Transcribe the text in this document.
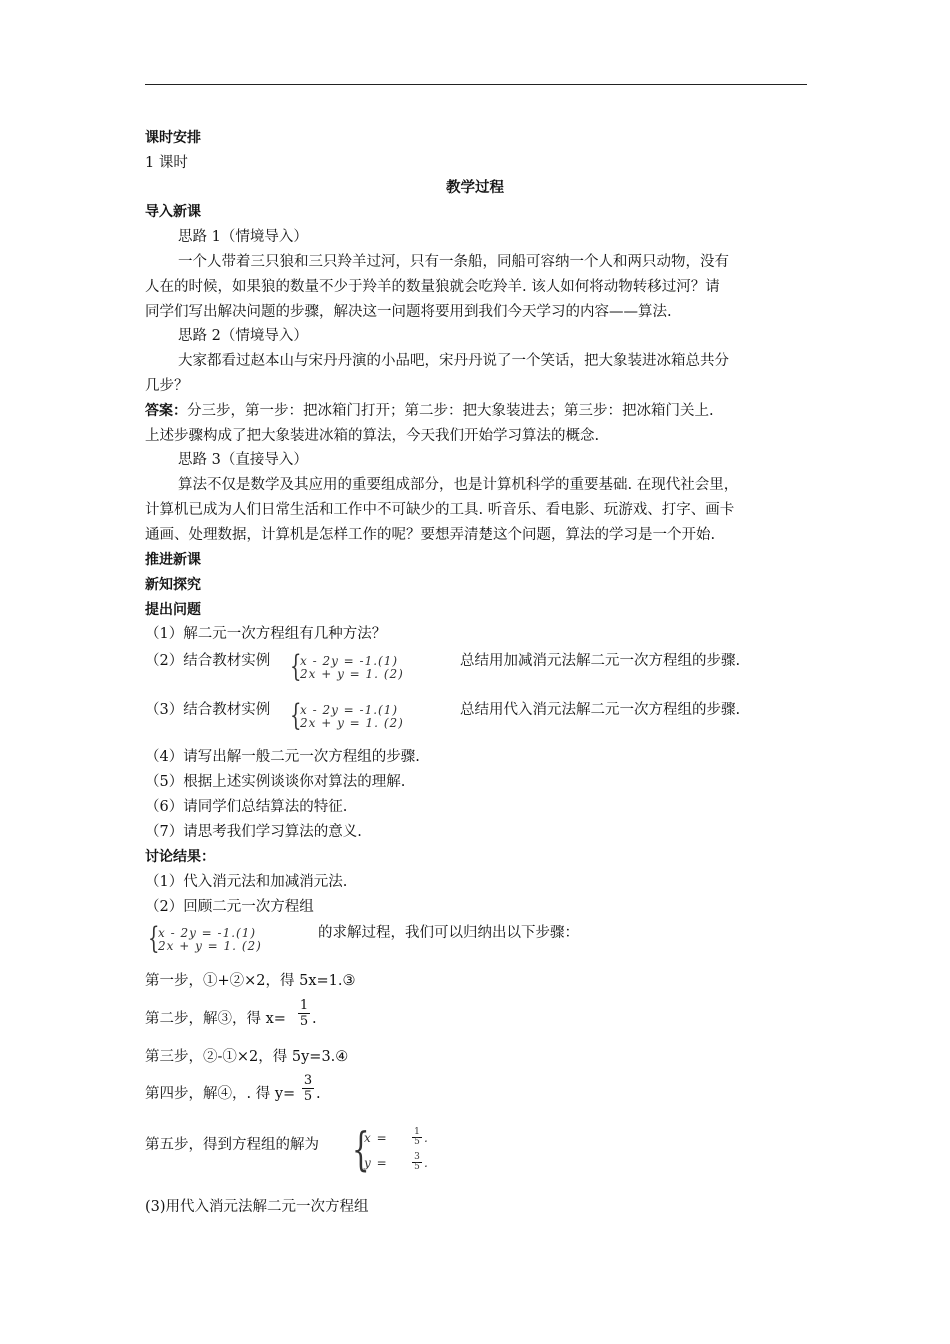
课时安排
1 课时
教学过程
导入新课
思路 1（情境导入）
一个人带着三只狼和三只羚羊过河，只有一条船，同船可容纳一个人和两只动物，没有
人在的时候，如果狼的数量不少于羚羊的数量狼就会吃羚羊. 该人如何将动物转移过河？请
同学们写出解决问题的步骤，解决这一问题将要用到我们今天学习的内容——算法.
思路 2（情境导入）
大家都看过赵本山与宋丹丹演的小品吧，宋丹丹说了一个笑话，把大象装进冰箱总共分
几步？
答案：分三步，第一步：把冰箱门打开；第二步：把大象装进去；第三步：把冰箱门关上.
上述步骤构成了把大象装进冰箱的算法，今天我们开始学习算法的概念.
思路 3（直接导入）
算法不仅是数学及其应用的重要组成部分，也是计算机科学的重要基础. 在现代社会里，
计算机已成为人们日常生活和工作中不可缺少的工具. 听音乐、看电影、玩游戏、打字、画卡
通画、处理数据，计算机是怎样工作的呢？要想弄清楚这个问题，算法的学习是一个开始.
推进新课
新知探究
提出问题
（1）解二元一次方程组有几种方法？
（2）结合教材实例 {
x - 2y = -1.(1)
2x + y = 1. (2)
总结用加减消元法解二元一次方程组的步骤.
（3）结合教材实例 {
x - 2y = -1.(1)
2x + y = 1. (2)
总结用代入消元法解二元一次方程组的步骤.
（4）请写出解一般二元一次方程组的步骤.
（5）根据上述实例谈谈你对算法的理解.
（6）请同学们总结算法的特征.
（7）请思考我们学习算法的意义.
讨论结果：
（1）代入消元法和加减消元法.
（2）回顾二元一次方程组
{
x - 2y = -1.(1)
2x + y = 1. (2)
的求解过程，我们可以归纳出以下步骤：
第一步，①+②×2，得 5x=1.③
第二步，解③，得 x=
1
5 .
第三步，②-①×2，得 5y=3.④
第四步，解④，. 得 y=
3
5 .
第五步，得到方程组的解为 {
x =	1
5 .
y =	3
5 .
(3)用代入消元法解二元一次方程组
